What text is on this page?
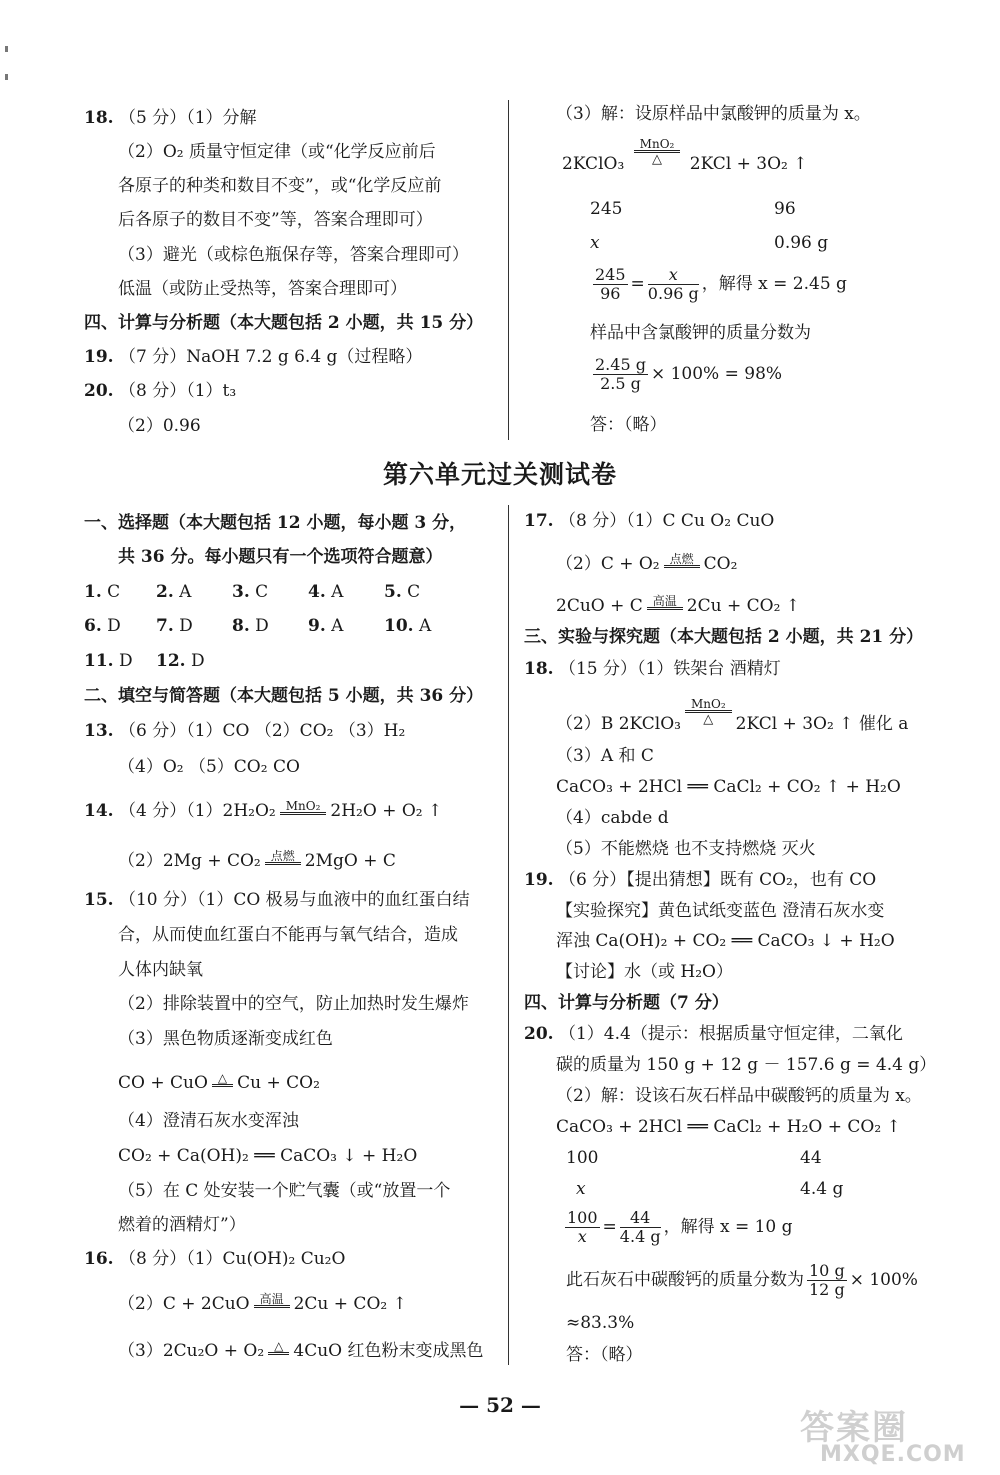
18. （5 分）（1）分解
（2）O₂ 质量守恒定律（或“化学反应前后
各原子的种类和数目不变”，或“化学反应前
后各原子的数目不变”等，答案合理即可）
（3）避光（或棕色瓶保存等，答案合理即可）
低温（或防止受热等，答案合理即可）
四、计算与分析题（本大题包括 2 小题，共 15 分）
19. （7 分）NaOH 7.2 g 6.4 g（过程略）
20. （8 分）（1）t₃
（2）0.96
（3）解：设原样品中氯酸钾的质量为 x。
2KClO₃
MnO₂
△	2KCl + 3O₂ ↑
245	96
x	0.96 g
$\frac{245}{96} = \frac{x}{0.96 g}$ ，解得 x = 2.45 g
样品中含氯酸钾的质量分数为
$\frac{2.45 g}{2.5 g} \times 100\% = 98\%$
答：（略）
第六单元过关测试卷
一、选择题（本大题包括 12 小题，每小题 3 分，
共 36 分。每小题只有一个选项符合题意）
1. C 2. A 3. C 4. A 5. C
6. D 7. D 8. D 9. A 10. A
11. D 12. D
二、填空与简答题（本大题包括 5 小题，共 36 分）
13. （6 分）（1）CO （2）CO₂ （3）H₂
（4）O₂ （5）CO₂ CO
14. （4 分）（1）2H₂O₂ MnO₂ 2H₂O + O₂ ↑
（2）2Mg + CO₂ 点燃 2MgO + C
15. （10 分）（1）CO 极易与血液中的血红蛋白结
合，从而使血红蛋白不能再与氧气结合，造成
人体内缺氧
（2）排除装置中的空气，防止加热时发生爆炸
（3）黑色物质逐渐变成红色
CO + CuO △ Cu + CO₂
（4）澄清石灰水变浑浊
CO₂ + Ca(OH)₂ ══ CaCO₃ ↓ + H₂O
（5）在 C 处安装一个贮气囊（或“放置一个
燃着的酒精灯”）
16. （8 分）（1）Cu(OH)₂ Cu₂O
（2）C + 2CuO 高温 2Cu + CO₂ ↑
（3）2Cu₂O + O₂ △ 4CuO 红色粉末变成黑色
17. （8 分）（1）C Cu O₂ CuO
（2）C + O₂ 点燃 CO₂
2CuO + C 高温 2Cu + CO₂ ↑
三、实验与探究题（本大题包括 2 小题，共 21 分）
18. （15 分）（1）铁架台 酒精灯
（2）B 2KClO₃
MnO₂
△	2KCl + 3O₂ ↑ 催化 a
（3）A 和 C
CaCO₃ + 2HCl ══ CaCl₂ + CO₂ ↑ + H₂O
（4）cabde d
（5）不能燃烧 也不支持燃烧 灭火
19. （6 分）【提出猜想】既有 CO₂，也有 CO
【实验探究】黄色试纸变蓝色 澄清石灰水变
浑浊 Ca(OH)₂ + CO₂ ══ CaCO₃ ↓ + H₂O
【讨论】水（或 H₂O）
四、计算与分析题（7 分）
20. （1）4.4（提示：根据质量守恒定律，二氧化
碳的质量为 150 g + 12 g － 157.6 g = 4.4 g）
（2）解：设该石灰石样品中碳酸钙的质量为 x。
CaCO₃ + 2HCl ══ CaCl₂ + H₂O + CO₂ ↑
100	44
x	4.4 g
$\frac{100}{x} = \frac{44}{4.4 g}$ ，解得 x = 10 g
此石灰石中碳酸钙的质量分数为 $\frac{10 g}{12 g} \times 100\%$
≈83.3%
答：（略）
— 52 —
答案圈
MXQE.COM
